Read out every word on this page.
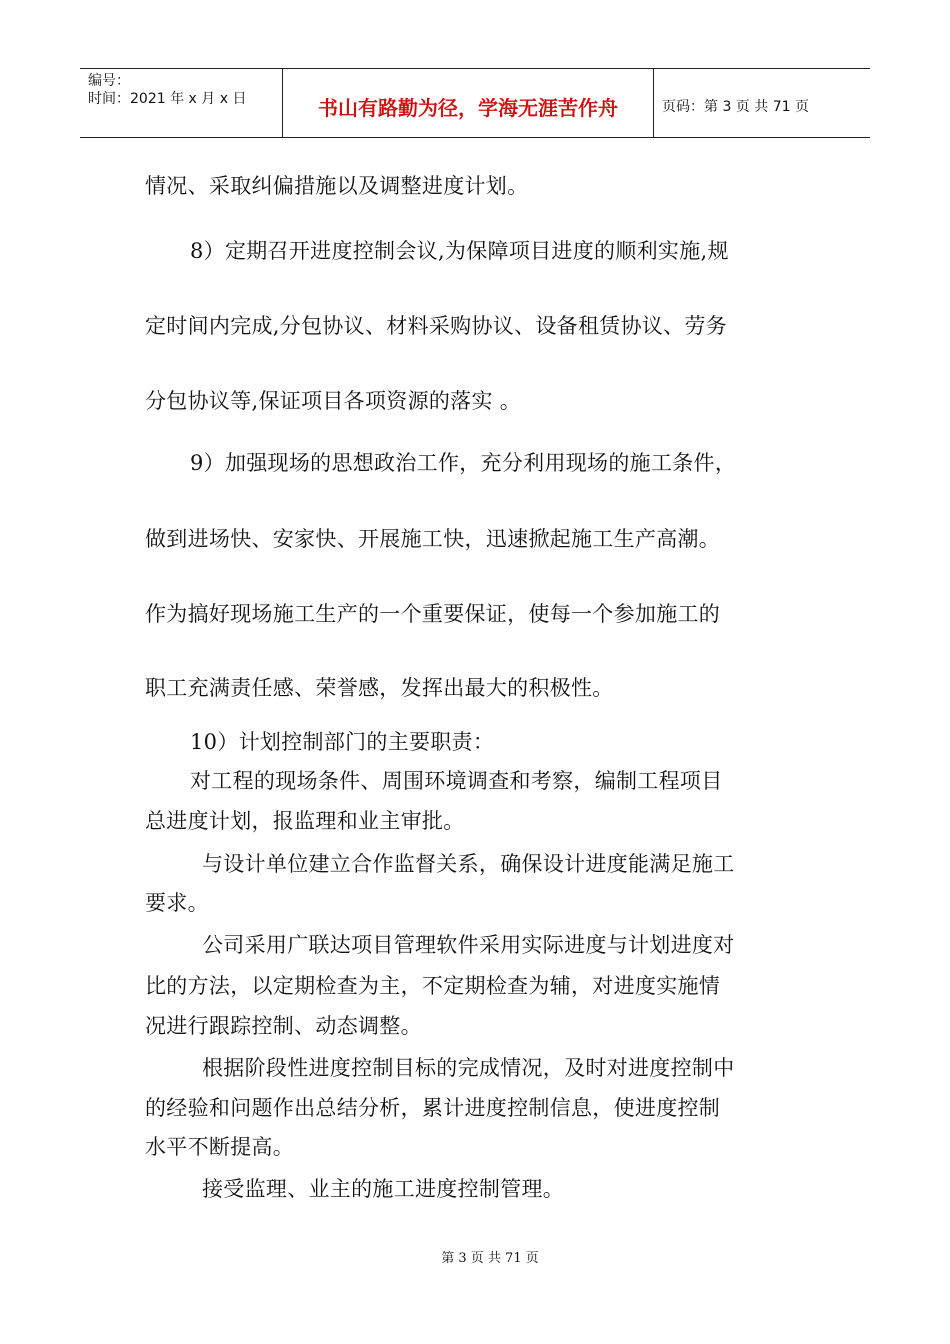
编号：
时间：2021 年 x 月 x 日	书山有路勤为径，学海无涯苦作舟	页码：第 3 页 共 71 页
情况、采取纠偏措施以及调整进度计划。
8）定期召开进度控制会议,为保障项目进度的顺利实施,规
定时间内完成,分包协议、材料采购协议、设备租赁协议、劳务
分包协议等,保证项目各项资源的落实 。
9）加强现场的思想政治工作，充分利用现场的施工条件，
做到进场快、安家快、开展施工快，迅速掀起施工生产高潮。
作为搞好现场施工生产的一个重要保证，使每一个参加施工的
职工充满责任感、荣誉感，发挥出最大的积极性。
10）计划控制部门的主要职责：
对工程的现场条件、周围环境调查和考察，编制工程项目
总进度计划，报监理和业主审批。
与设计单位建立合作监督关系，确保设计进度能满足施工
要求。
公司采用广联达项目管理软件采用实际进度与计划进度对
比的方法，以定期检查为主，不定期检查为辅，对进度实施情
况进行跟踪控制、动态调整。
根据阶段性进度控制目标的完成情况，及时对进度控制中
的经验和问题作出总结分析，累计进度控制信息，使进度控制
水平不断提高。
接受监理、业主的施工进度控制管理。
第 3 页 共 71 页
